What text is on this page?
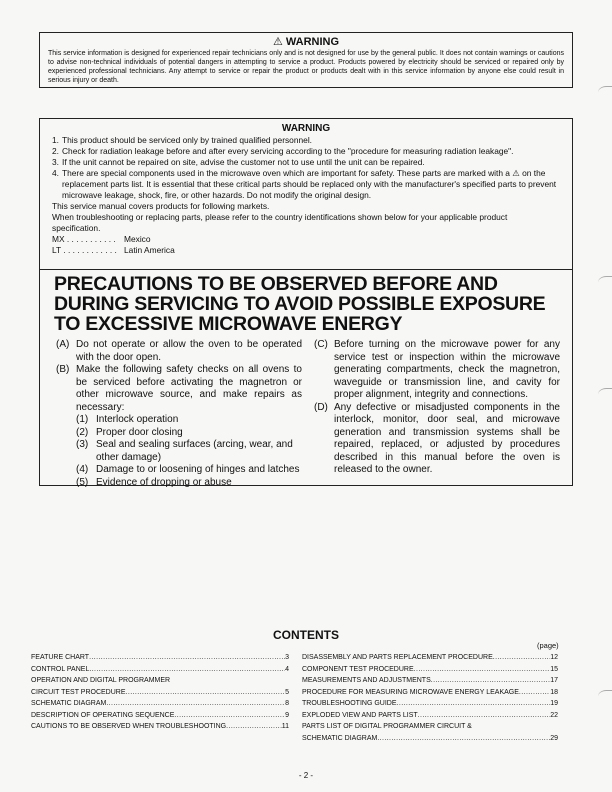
⚠ WARNING
This service information is designed for experienced repair technicians only and is not designed for use by the general public. It does not contain warnings or cautions to advise non-technical individuals of potential dangers in attempting to service a product. Products powered by electricity should be serviced or repaired only by experienced professional technicians. Any attempt to service or repair the product or products dealt with in this service information by anyone else could result in serious injury or death.
WARNING
1. This product should be serviced only by trained qualified personnel.
2. Check for radiation leakage before and after every servicing according to the "procedure for measuring radiation leakage".
3. If the unit cannot be repaired on site, advise the customer not to use until the unit can be repaired.
4. There are special components used in the microwave oven which are important for safety. These parts are marked with a ⚠ on the replacement parts list. It is essential that these critical parts should be replaced only with the manufacturer's specified parts to prevent microwave leakage, shock, fire, or other hazards. Do not modify the original design.
This service manual covers products for following markets.
When troubleshooting or replacing parts, please refer to the country identifications shown below for your applicable product specification.
MX . . . . . . . . . . . Mexico
LT . . . . . . . . . . . . Latin America
PRECAUTIONS TO BE OBSERVED BEFORE AND DURING SERVICING TO AVOID POSSIBLE EXPOSURE TO EXCESSIVE MICROWAVE ENERGY
(A) Do not operate or allow the oven to be operated with the door open.
(B) Make the following safety checks on all ovens to be serviced before activating the magnetron or other microwave source, and make repairs as necessary:
(1) Interlock operation
(2) Proper door closing
(3) Seal and sealing surfaces (arcing, wear, and other damage)
(4) Damage to or loosening of hinges and latches
(5) Evidence of dropping or abuse
(C) Before turning on the microwave power for any service test or inspection within the microwave generating compartments, check the magnetron, waveguide or transmission line, and cavity for proper alignment, integrity and connections.
(D) Any defective or misadjusted components in the interlock, monitor, door seal, and microwave generation and transmission systems shall be repaired, replaced, or adjusted by procedures described in this manual before the oven is released to the owner.
CONTENTS
(page)
FEATURE CHART .....	3
CONTROL PANEL .....	4
OPERATION AND DIGITAL PROGRAMMER
CIRCUIT TEST PROCEDURE .....	5
SCHEMATIC DIAGRAM .....	8
DESCRIPTION OF OPERATING SEQUENCE .....	9
CAUTIONS TO BE OBSERVED WHEN TROUBLESHOOTING .....	11
DISASSEMBLY AND PARTS REPLACEMENT PROCEDURE .....	12
COMPONENT TEST PROCEDURE .....	15
MEASUREMENTS AND ADJUSTMENTS .....	17
PROCEDURE FOR MEASURING MICROWAVE ENERGY LEAKAGE .....	18
TROUBLESHOOTING GUIDE .....	19
EXPLODED VIEW AND PARTS LIST .....	22
PARTS LIST OF DIGITAL PROGRAMMER CIRCUIT &
SCHEMATIC DIAGRAM .....	29
- 2 -
